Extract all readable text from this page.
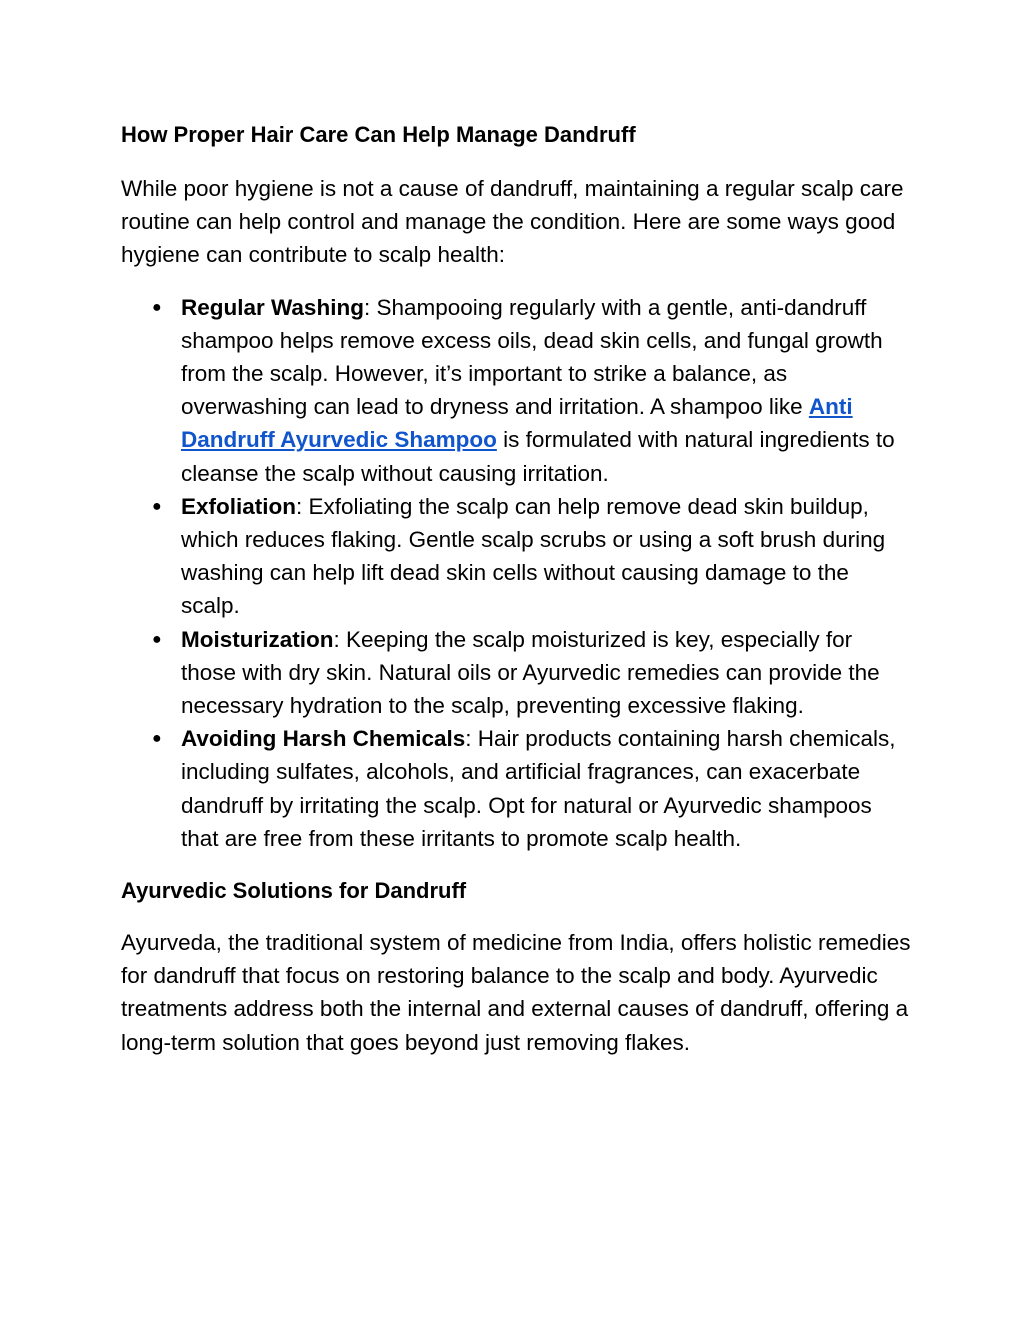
How Proper Hair Care Can Help Manage Dandruff

While poor hygiene is not a cause of dandruff, maintaining a regular scalp care routine can help control and manage the condition. Here are some ways good hygiene can contribute to scalp health:

● Regular Washing: Shampooing regularly with a gentle, anti-dandruff shampoo helps remove excess oils, dead skin cells, and fungal growth from the scalp. However, it’s important to strike a balance, as overwashing can lead to dryness and irritation. A shampoo like Anti Dandruff Ayurvedic Shampoo is formulated with natural ingredients to cleanse the scalp without causing irritation.
● Exfoliation: Exfoliating the scalp can help remove dead skin buildup, which reduces flaking. Gentle scalp scrubs or using a soft brush during washing can help lift dead skin cells without causing damage to the scalp.
● Moisturization: Keeping the scalp moisturized is key, especially for those with dry skin. Natural oils or Ayurvedic remedies can provide the necessary hydration to the scalp, preventing excessive flaking.
● Avoiding Harsh Chemicals: Hair products containing harsh chemicals, including sulfates, alcohols, and artificial fragrances, can exacerbate dandruff by irritating the scalp. Opt for natural or Ayurvedic shampoos that are free from these irritants to promote scalp health.
Ayurvedic Solutions for Dandruff

Ayurveda, the traditional system of medicine from India, offers holistic remedies for dandruff that focus on restoring balance to the scalp and body. Ayurvedic treatments address both the internal and external causes of dandruff, offering a long-term solution that goes beyond just removing flakes.
